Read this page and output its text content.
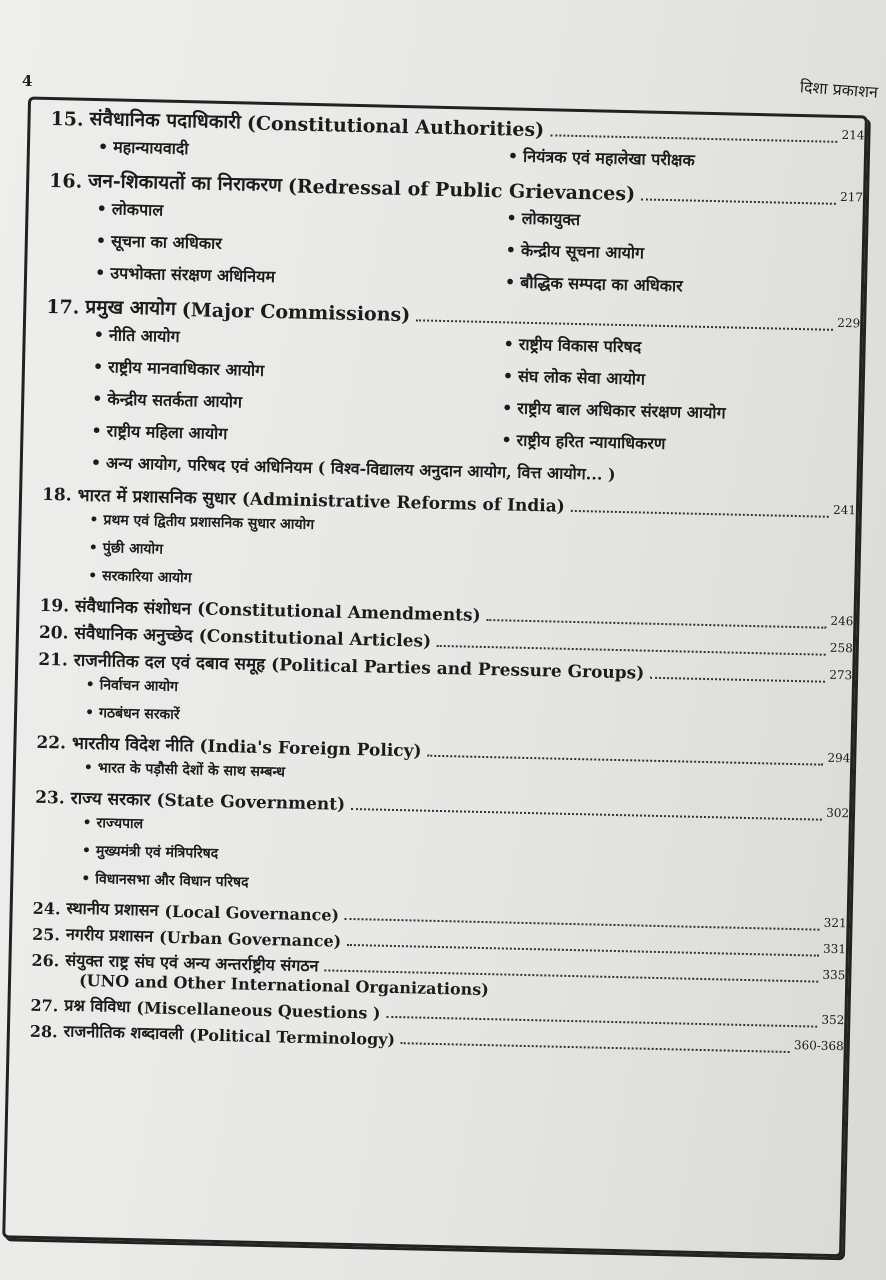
4	दिशा प्रकाशन
15. संवैधानिक पदाधिकारी (Constitutional Authorities)	214
• महान्यायवादी	• नियंत्रक एवं महालेखा परीक्षक
16. जन-शिकायतों का निराकरण (Redressal of Public Grievances)	217
• लोकपाल	• लोकायुक्त
• सूचना का अधिकार	• केन्द्रीय सूचना आयोग
• उपभोक्ता संरक्षण अधिनियम	• बौद्धिक सम्पदा का अधिकार
17. प्रमुख आयोग (Major Commissions)	229
• नीति आयोग	• राष्ट्रीय विकास परिषद
• राष्ट्रीय मानवाधिकार आयोग	• संघ लोक सेवा आयोग
• केन्द्रीय सतर्कता आयोग	• राष्ट्रीय बाल अधिकार संरक्षण आयोग
• राष्ट्रीय महिला आयोग	• राष्ट्रीय हरित न्यायाधिकरण
• अन्य आयोग, परिषद एवं अधिनियम ( विश्व-विद्यालय अनुदान आयोग, वित्त आयोग... )
18. भारत में प्रशासनिक सुधार (Administrative Reforms of India)	241
• प्रथम एवं द्वितीय प्रशासनिक सुधार आयोग
• पुंछी आयोग
• सरकारिया आयोग
19. संवैधानिक संशोधन (Constitutional Amendments)	246
20. संवैधानिक अनुच्छेद (Constitutional Articles)	258
21. राजनीतिक दल एवं दबाव समूह (Political Parties and Pressure Groups)	273
• निर्वाचन आयोग
• गठबंधन सरकारें
22. भारतीय विदेश नीति (India's Foreign Policy)	294
• भारत के पड़ौसी देशों के साथ सम्बन्ध
23. राज्य सरकार (State Government)	302
• राज्यपाल
• मुख्यमंत्री एवं मंत्रिपरिषद
• विधानसभा और विधान परिषद
24. स्थानीय प्रशासन (Local Governance)	321
25. नगरीय प्रशासन (Urban Governance)	331
26. संयुक्त राष्ट्र संघ एवं अन्य अन्तर्राष्ट्रीय संगठन	335
(UNO and Other International Organizations)
27. प्रश्न विविधा (Miscellaneous Questions )	352
28. राजनीतिक शब्दावली (Political Terminology)	360-368
